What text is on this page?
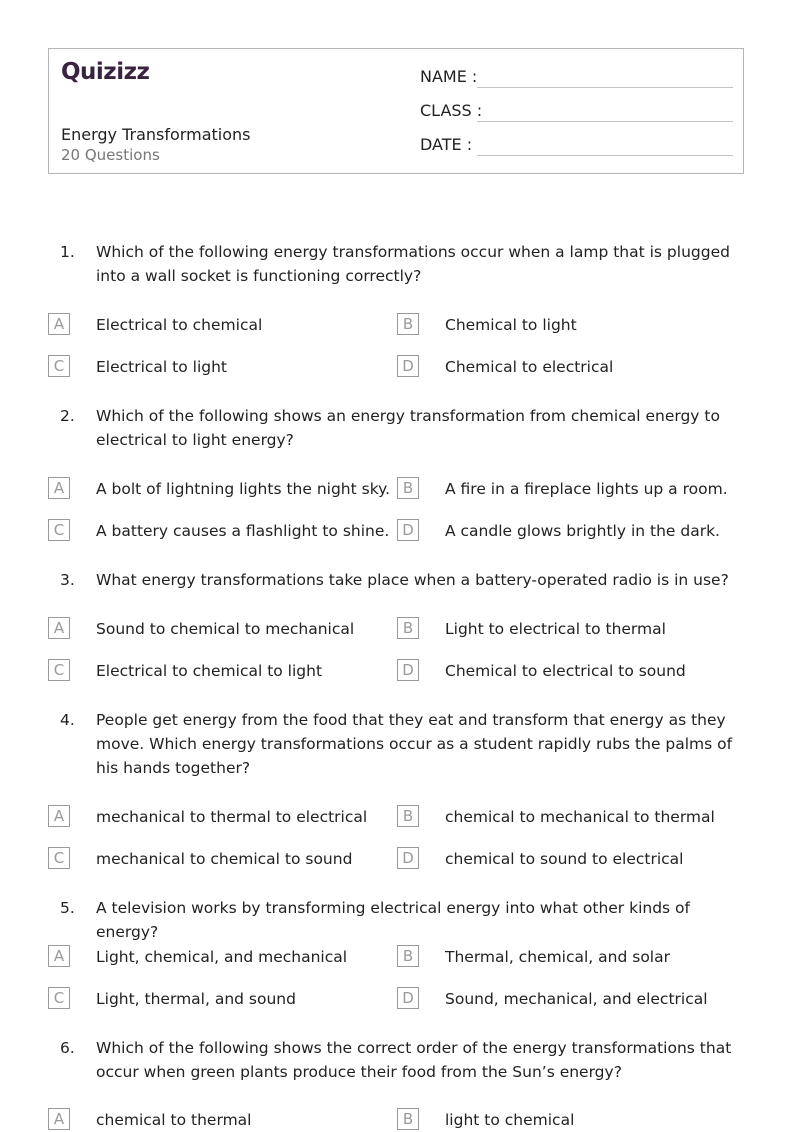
Quizizz
Energy Transformations
20 Questions
NAME :
CLASS :
DATE :
1. Which of the following energy transformations occur when a lamp that is plugged into a wall socket is functioning correctly?
A	Electrical to chemical	B	Chemical to light
C	Electrical to light	D	Chemical to electrical
2. Which of the following shows an energy transformation from chemical energy to electrical to light energy?
A	A bolt of lightning lights the night sky. B	A fire in a fireplace lights up a room.
C	A battery causes a flashlight to shine. D	A candle glows brightly in the dark.
3. What energy transformations take place when a battery-operated radio is in use?
A	Sound to chemical to mechanical	B	Light to electrical to thermal
C	Electrical to chemical to light	D	Chemical to electrical to sound
4. People get energy from the food that they eat and transform that energy as they move. Which energy transformations occur as a student rapidly rubs the palms of his hands together?
A	mechanical to thermal to electrical	B	chemical to mechanical to thermal
C	mechanical to chemical to sound	D	chemical to sound to electrical
5. A television works by transforming electrical energy into what other kinds of energy?
A	Light, chemical, and mechanical	B	Thermal, chemical, and solar
C	Light, thermal, and sound	D	Sound, mechanical, and electrical
6. Which of the following shows the correct order of the energy transformations that occur when green plants produce their food from the Sun’s energy?
A	chemical to thermal	B	light to chemical
